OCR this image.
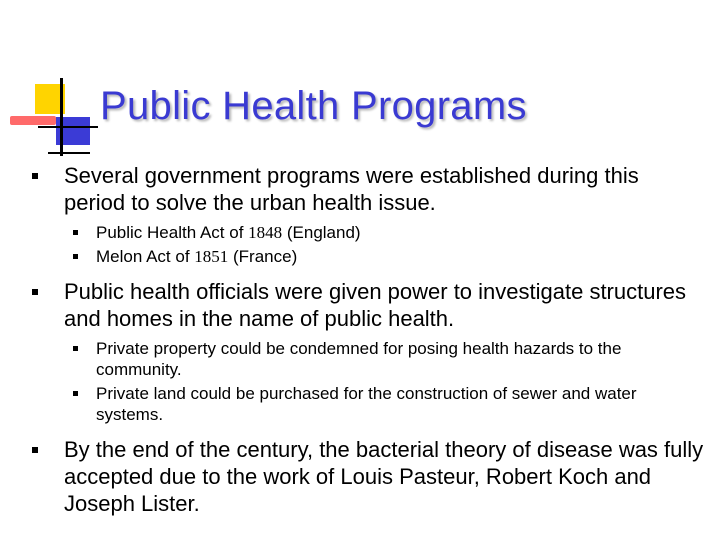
Public Health Programs
Several government programs were established during this period to solve the urban health issue.
Public Health Act of 1848 (England)
Melon Act of 1851 (France)
Public health officials were given power to investigate structures and homes in the name of public health.
Private property could be condemned for posing health hazards to the community.
Private land could be purchased for the construction of sewer and water systems.
By the end of the century, the bacterial theory of disease was fully accepted due to the work of Louis Pasteur, Robert Koch and Joseph Lister.
